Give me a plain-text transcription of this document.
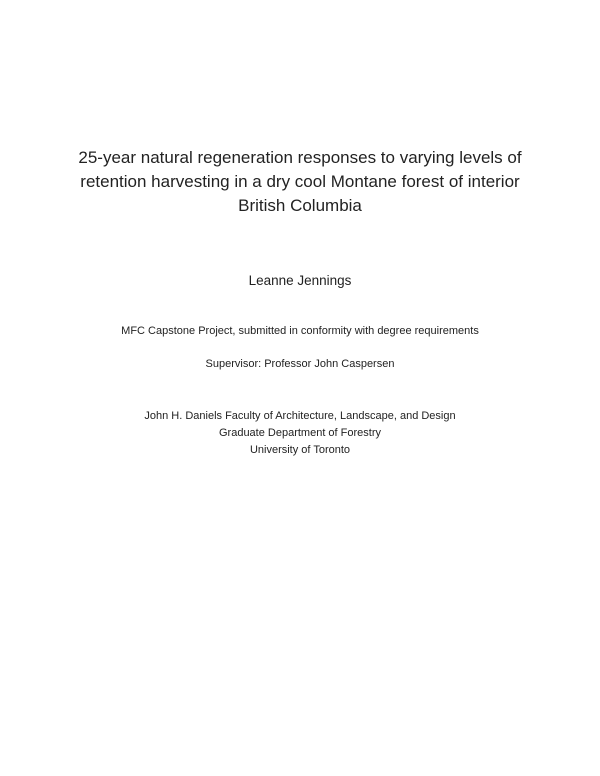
25-year natural regeneration responses to varying levels of
retention harvesting in a dry cool Montane forest of interior
British Columbia
Leanne Jennings
MFC Capstone Project, submitted in conformity with degree requirements
Supervisor: Professor John Caspersen
John H. Daniels Faculty of Architecture, Landscape, and Design
Graduate Department of Forestry
University of Toronto
